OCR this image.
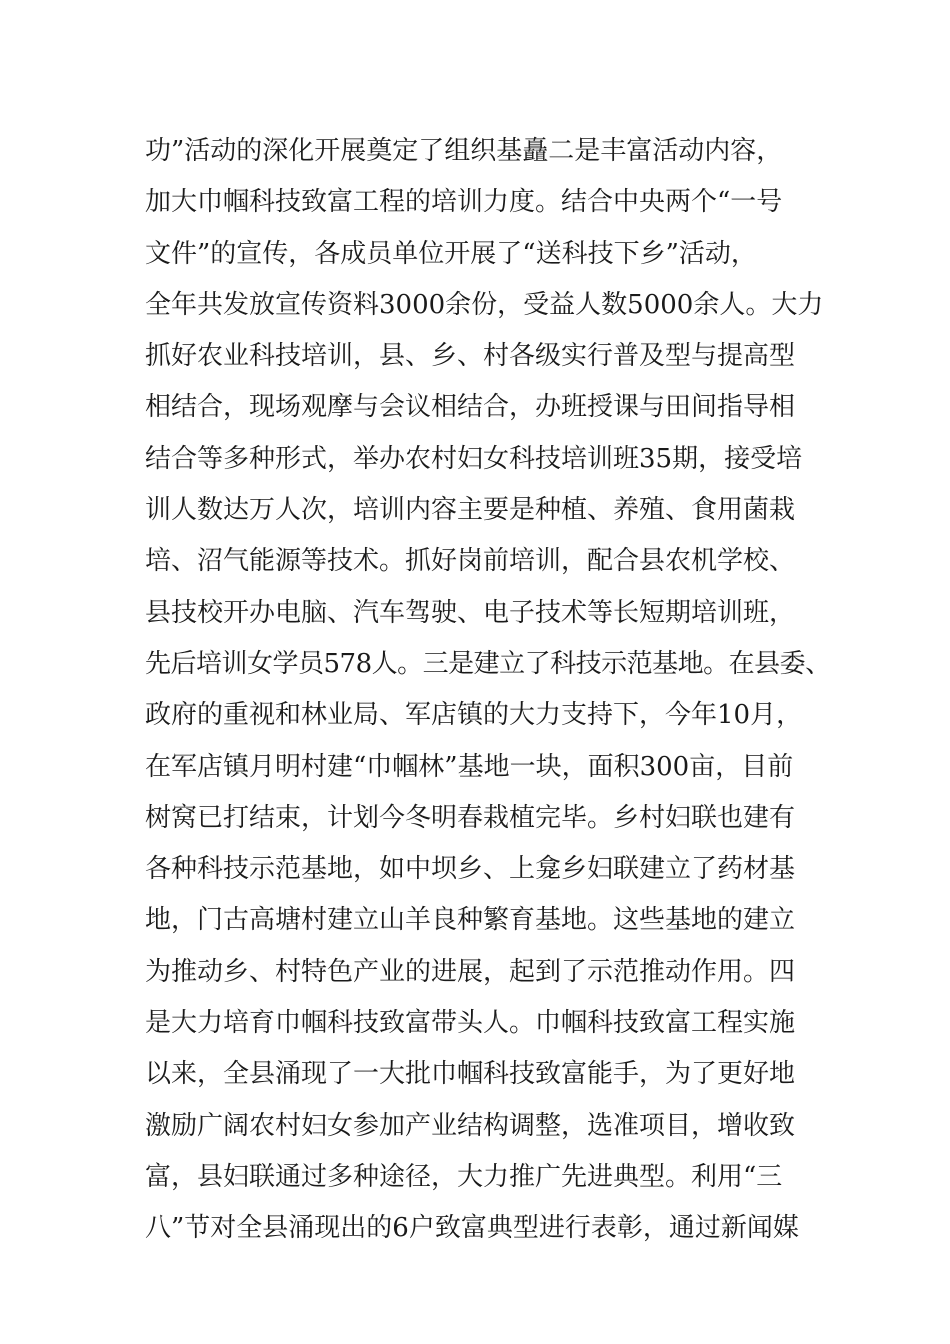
功”活动的深化开展奠定了组织基矗二是丰富活动内容，
加大巾帼科技致富工程的培训力度。结合中央两个“一号
文件”的宣传，各成员单位开展了“送科技下乡”活动，
全年共发放宣传资料3000余份，受益人数5000余人。大力
抓好农业科技培训，县、乡、村各级实行普及型与提高型
相结合，现场观摩与会议相结合，办班授课与田间指导相
结合等多种形式，举办农村妇女科技培训班35期，接受培
训人数达万人次，培训内容主要是种植、养殖、食用菌栽
培、沼气能源等技术。抓好岗前培训，配合县农机学校、
县技校开办电脑、汽车驾驶、电子技术等长短期培训班，
先后培训女学员578人。三是建立了科技示范基地。在县委、
政府的重视和林业局、军店镇的大力支持下，今年10月，
在军店镇月明村建“巾帼林”基地一块，面积300亩，目前
树窝已打结束，计划今冬明春栽植完毕。乡村妇联也建有
各种科技示范基地，如中坝乡、上龛乡妇联建立了药材基
地，门古高塘村建立山羊良种繁育基地。这些基地的建立
为推动乡、村特色产业的进展，起到了示范推动作用。四
是大力培育巾帼科技致富带头人。巾帼科技致富工程实施
以来，全县涌现了一大批巾帼科技致富能手，为了更好地
激励广阔农村妇女参加产业结构调整，选准项目，增收致
富，县妇联通过多种途径，大力推广先进典型。利用“三
八”节对全县涌现出的6户致富典型进行表彰，通过新闻媒
